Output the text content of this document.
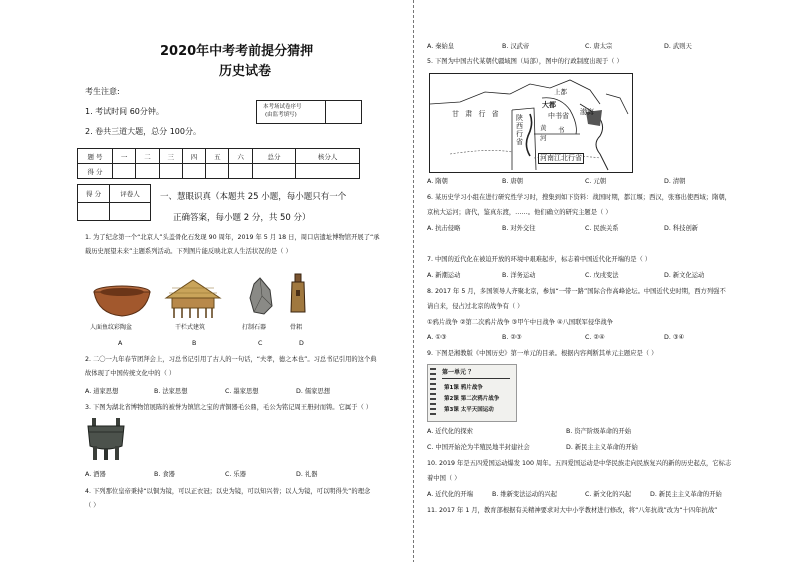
2020年中考考前提分猜押
历史试卷
考生注意:
1. 考试时间 60分钟。
2. 卷共三道大题，总分 100分。
本考场试卷序号
(由监考填写)
题 号	一	二	三	四	五	六	总分	核分人
得 分								
得 分	评卷人
	一、慧眼识真（本题共 25 小题，每小题只有一个
正确答案，每小题 2 分，共 50 分）
1. 为了纪念第一个“北京人”头盖骨化石发现 90 周年，2019 年 5 月 18 日，周口店遗址博物馆开展了“承
载历史展望未来”主题系列活动。下列图片能反映北京人生活状况的是（ ）
人面鱼纹彩陶盆
A
干栏式建筑
B
打制石器
C
骨耜
D
2. 二〇一九年春节团拜会上，习总书记引用了古人的一句话，“夫孝，德之本也”。习总书记引用的这个典
故体现了中国传统文化中的（ ）
A. 道家思想	B. 法家思想	C. 墨家思想	D. 儒家思想
3. 下图为湖北省博物馆展陈的被誉为镇馆之宝的青铜器毛公鼎，毛公为铭记周王册封而铸。它属于（ ）
A. 酒器	B. 食器	C. 乐器	D. 礼器
4. 下列那位皇帝秉持“以铜为镜，可以正衣冠；以史为镜，可以知兴替；以人为镜，可以明得失”的理念
（ ）
A. 秦始皇	B. 汉武帝	C. 唐太宗	D. 武则天
5. 下图为中国古代某朝代疆域图（局部），图中的行政制度出现于（ ）
甘 肃 行 省
上都
大都
中书省 渤海
陕西行省
黄 书
河
河南江北行省
A. 隋朝	B. 唐朝	C. 元朝	D. 清朝
6. 某历史学习小组在进行研究性学习时，搜集到如下资料：战国时期，都江堰；西汉，张骞出使西域；隋朝，
京杭大运河；唐代，鉴真东渡，……。他们确立的研究主题是（ ）
A. 抗击侵略	B. 对外交往	C. 民族关系	D. 科技创新
7. 中国的近代化在被迫开放的环境中艰难起步，标志着中国近代化开端的是（ ）
A. 新潮运动	B. 洋务运动	C. 戊戌变法	D. 新文化运动
8. 2017 年 5 月，多国领导人齐聚北京，参加“一带一路”国际合作高峰论坛。中国近代史时期，西方列强不
请自来，侵占过北京的战争有（ ）
①鸦片战争 ②第二次鸦片战争 ③甲午中日战争 ④八国联军侵华战争
A. ①③	B. ②③	C. ②④	D. ③④
9. 下图是湘教版《中国历史》第一单元的目录。根据内容判断其单元主题应是（ ）
第一单元 ？
第1课 鸦片战争
第2课 第二次鸦片战争
第3课 太平天国运动
A. 近代化的探索	B. 资产阶级革命的开始
C. 中国开始沦为半殖民地半封建社会	D. 新民主主义革命的开始
10. 2019 年是五四爱国运动爆发 100 周年。五四爱国运动是中华民族走向民族复兴的新的历史起点，它标志
着中国（ ）
A. 近代化的开端	B. 维新变法运动的兴起	C. 新文化的兴起	D. 新民主主义革命的开始
11. 2017 年 1 月，教育部根据有关精神要求对大中小学教材进行修改，将“八年抗战”改为“十四年抗战”
